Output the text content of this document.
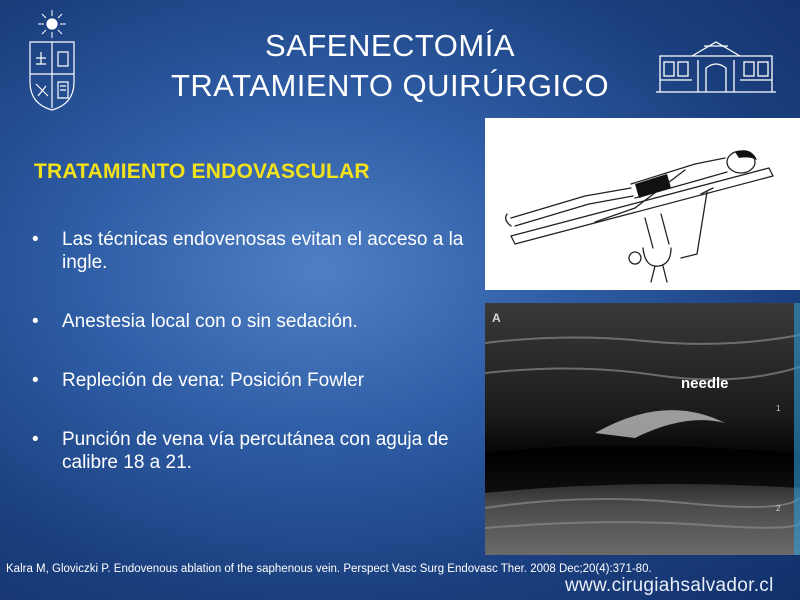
SAFENECTOMÍA
TRATAMIENTO QUIRÚRGICO
TRATAMIENTO ENDOVASCULAR
• Las técnicas endovenosas evitan el acceso a la ingle.
• Anestesia local con o sin sedación.
• Repleción de vena: Posición Fowler
• Punción de vena vía percutánea con aguja de calibre 18 a 21.
A
needle
1
2
Kalra M, Gloviczki P. Endovenous ablation of the saphenous vein. Perspect Vasc Surg Endovasc Ther. 2008 Dec;20(4):371-80.
www.cirugiahsalvador.cl
